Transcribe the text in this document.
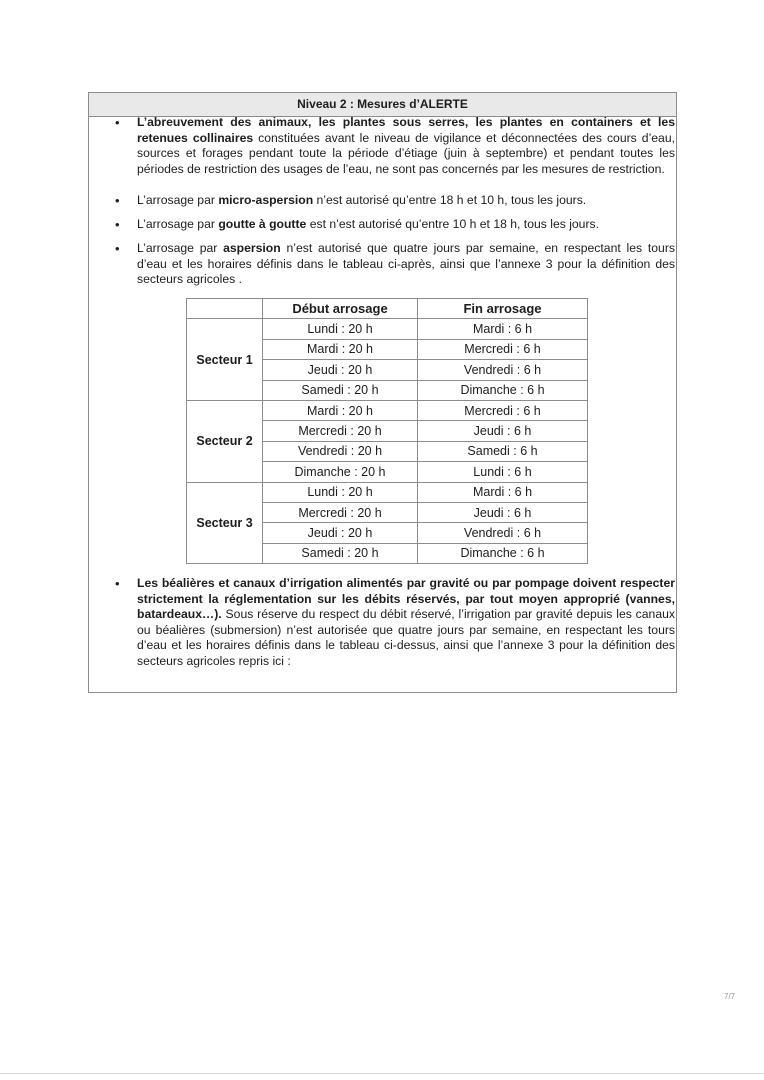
Niveau 2 : Mesures d’ALERTE
• L’abreuvement des animaux, les plantes sous serres, les plantes en containers et les retenues collinaires constituées avant le niveau de vigilance et déconnectées des cours d’eau, sources et forages pendant toute la période d’étiage (juin à septembre) et pendant toutes les périodes de restriction des usages de l’eau, ne sont pas concernés par les mesures de restriction.
• L’arrosage par micro-aspersion n’est autorisé qu’entre 18 h et 10 h, tous les jours.
• L’arrosage par goutte à goutte est n’est autorisé qu’entre 10 h et 18 h, tous les jours.
• L’arrosage par aspersion n’est autorisé que quatre jours par semaine, en respectant les tours d’eau et les horaires définis dans le tableau ci-après, ainsi que l’annexe 3 pour la définition des secteurs agricoles .
• Les béalières et canaux d’irrigation alimentés par gravité ou par pompage doivent respecter strictement la réglementation sur les débits réservés, par tout moyen approprié (vannes, batardeaux…). Sous réserve du respect du débit réservé, l’irrigation par gravité depuis les canaux ou béalières (submersion) n’est autorisée que quatre jours par semaine, en respectant les tours d’eau et les horaires définis dans le tableau ci-dessus, ainsi que l’annexe 3 pour la définition des secteurs agricoles repris ici :
	Début arrosage	Fin arrosage
Secteur 1	Lundi : 20 h	Mardi : 6 h
	Mardi : 20 h	Mercredi : 6 h
	Jeudi : 20 h	Vendredi : 6 h
	Samedi : 20 h	Dimanche : 6 h
Secteur 2	Mardi : 20 h	Mercredi : 6 h
	Mercredi : 20 h	Jeudi : 6 h
	Vendredi : 20 h	Samedi : 6 h
	Dimanche : 20 h	Lundi : 6 h
Secteur 3	Lundi : 20 h	Mardi : 6 h
	Mercredi : 20 h	Jeudi : 6 h
	Jeudi : 20 h	Vendredi : 6 h
	Samedi : 20 h	Dimanche : 6 h
7/7
